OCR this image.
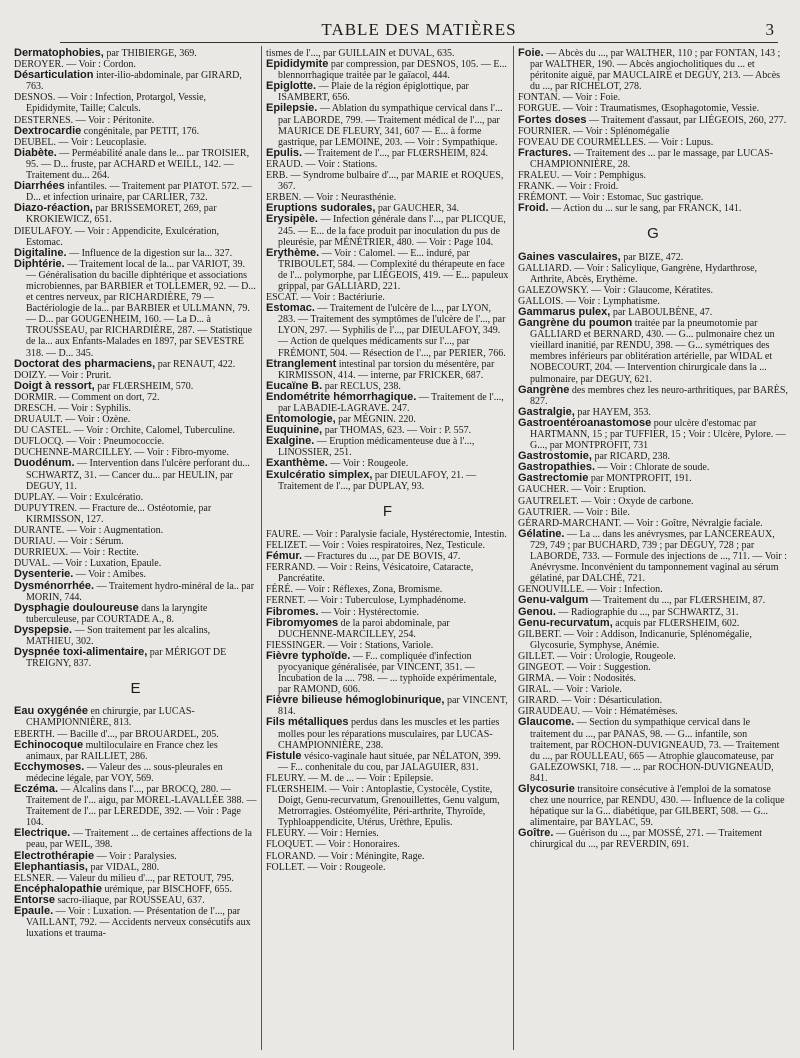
TABLE DES MATIÈRES	3
Dermatophobies, par THIBIERGE, 369.
DEROYER. — Voir : Cordon.
Désarticulation inter-ilio-abdominale, par GIRARD, 763.
DESNOS. — Voir : Infection, Protargol, Vessie, Epididymite, Taille; Calculs.
DESTERNES. — Voir : Péritonite.
Dextrocardie congénitale, par PETIT, 176.
DEUBEL. — Voir : Leucoplasie.
Diabète. — Perméabilité anale dans le... par TROISIER, 95. — D... fruste, par ACHARD et WEILL, 142. — Traitement du... 264.
Diarrhées infantiles. — Traitement par PIATOT. 572. — D... et infection urinaire, par CARLIER, 732.
Diazo-réaction, par BRISSEMORET, 269, par KROKIEWICZ, 651.
DIEULAFOY. — Voir : Appendicite, Exulcération, Estomac.
Digitaline. — Influence de la digestion sur la... 327.
Diphtérie. — Traitement local de la... par VARIOT, 39. — Généralisation du bacille diphtérique et associations microbiennes, par BARBIER et TOLLEMER, 92. — D... et centres nerveux, par RICHARDIÈRE, 79 — Bactériologie de la... par BARBIER et ULLMANN, 79. — D... par GOUGENHEIM, 160. — La D... à TROUSSEAU, par RICHARDIÈRE, 287. — Statistique de la... aux Enfants-Malades en 1897, par SEVESTRE 318. — D... 345.
Doctorat des pharmaciens, par RENAUT, 422.
DOIZY. — Voir : Prurit.
Doigt à ressort, par FLŒRSHEIM, 570.
DORMIR. — Comment on dort, 72.
DRESCH. — Voir : Syphilis.
DRUAULT. — Voir : Ozène.
DU CASTEL. — Voir : Orchite, Calomel, Tuberculine.
DUFLOCQ. — Voir : Pneumococcie.
DUCHENNE-MARCILLEY. — Voir : Fibro-myome.
Duodénum. — Intervention dans l'ulcère perforant du... SCHWARTZ, 31. — Cancer du... par HEULIN, par DEGUY, 11.
DUPLAY. — Voir : Exulcératio.
DUPUYTREN. — Fracture de... Ostéotomie, par KIRMISSON, 127.
DURANTE. — Voir : Augmentation.
DURIAU. — Voir : Sérum.
DURRIEUX. — Voir : Rectite.
DUVAL. — Voir : Luxation, Epaule.
Dysenterie. — Voir : Amibes.
Dysménorrhée. — Traitement hydro-minéral de la.. par MORIN, 744.
Dysphagie douloureuse dans la laryngite tuberculeuse, par COURTADE A., 8.
Dyspepsie. — Son traitement par les alcalins, MATHIEU, 302.
Dyspnée toxi-alimentaire, par MÉRIGOT DE TREIGNY, 837.
E
Eau oxygénée en chirurgie, par LUCAS-CHAMPIONNIÈRE, 813.
EBERTH. — Bacille d'..., par BROUARDEL, 205.
Echinocoque multiloculaire en France chez les animaux, par RAILLIET, 286.
Ecchymoses. — Valeur des ... sous-pleurales en médecine légale, par VOY, 569.
Eczéma. — Alcalins dans l'..., par BROCQ, 280. — Traitement de l'... aigu, par MOREL-LAVALLÉE 388. — Traitement de l'... par LEREDDE, 392. — Voir : Page 104.
Electrique. — Traitement ... de certaines affections de la peau, par WEIL, 398.
Electrothérapie — Voir : Paralysies.
Elephantiasis, par VIDAL, 280.
ELSNER. — Valeur du milieu d'..., par RETOUT, 795.
Encéphalopathie urémique, par BISCHOFF, 655.
Entorse sacro-iliaque, par ROUSSEAU, 637.
Epaule. — Voir : Luxation. — Présentation de l'..., par VAILLANT, 792. — Accidents nerveux consécutifs aux luxations et trauma-
tismes de l'..., par GUILLAIN et DUVAL, 635.
Epididymite par compression, par DESNOS, 105. — E... blennorrhagique traitée par le gaïacol, 444.
Epiglotte. — Plaie de la région épiglottique, par ISAMBERT, 656.
Epilepsie. — Ablation du sympathique cervical dans l'... par LABORDE, 799. — Traitement médical de l'..., par MAURICE DE FLEURY, 341, 607 — E... à forme gastrique, par LEMOINE, 203. — Voir : Sympathique.
Epulis. — Traitement de l'..., par FLŒRSHEIM, 824.
ERAUD. — Voir : Stations.
ERB. — Syndrome bulbaire d'..., par MARIE et ROQUES, 367.
ERBEN. — Voir : Neurasthénie.
Eruptions sudorales, par GAUCHER, 34.
Erysipèle. — Infection générale dans l'..., par PLICQUE, 245. — E... de la face produit par inoculation du pus de pleurésie, par MÉNÉTRIER, 480. — Voir : Page 104.
Erythème. — Voir : Calomel. — E... induré, par TRIBOULET, 584. — Complexité du thérapeute en face de l'... polymorphe, par LIÉGEOIS, 419. — E... papuleux grippal, par GALLIARD, 221.
ESCAT. — Voir : Bactériurie.
Estomac. — Traitement de l'ulcère de l..., par LYON, 283. — Traitement des symptômes de l'ulcère de l'..., par LYON, 297. — Syphilis de l'..., par DIEULAFOY, 349. — Action de quelques médicaments sur l'..., par FRÉMONT, 504. — Résection de l'..., par PERIER, 766.
Etranglement intestinal par torsion du mésentère, par KIRMISSON, 414. — interne, par FRICKER, 687.
Eucaïne B. par RECLUS, 238.
Endométrite hémorrhagique. — Traitement de l'..., par LABADIE-LAGRAVE. 247.
Entomologie, par MÉGNIN. 220.
Euquinine, par THOMAS, 623. — Voir : P. 557.
Exalgine. — Eruption médicamenteuse due à l'..., LINOSSIER, 251.
Exanthème. — Voir : Rougeole.
Exulcératio simplex, par DIEULAFOY, 21. — Traitement de l'..., par DUPLAY, 93.
F
FAURE. — Voir : Paralysie faciale, Hystérectomie, Intestin.
FELIZET. — Voir : Voies respiratoires, Nez, Testicule.
Fémur. — Fractures du ..., par DE BOVIS, 47.
FERRAND. — Voir : Reins, Vésicatoire, Cataracte, Pancréatite.
FÉRÉ. — Voir : Réflexes, Zona, Bromisme.
FERNET. — Voir : Tuberculose, Lymphadénome.
Fibromes. — Voir : Hystérectomie.
Fibromyomes de la paroi abdominale, par DUCHENNE-MARCILLEY, 254.
FIESSINGER. — Voir : Stations, Variole.
Fièvre typhoïde. — F... compliquée d'infection pyocyanique généralisée, par VINCENT, 351. — Incubation de la .... 798. — ... typhoïde expérimentale, par RAMOND, 606.
Fièvre bilieuse hémoglobinurique, par VINCENT, 814.
Fils métalliques perdus dans les muscles et les parties molles pour les réparations musculaires, par LUCAS-CHAMPIONNIÈRE, 238.
Fistule vésico-vaginale haut située, par NÉLATON, 399. — F... conhenitale du cou, par JALAGUIER, 831.
FLEURY. — M. de ... — Voir : Epilepsie.
FLŒRSHEIM. — Voir : Antoplastie, Cystocèle, Cystite, Doigt, Genu-recurvatum, Grenouillettes, Genu valgum, Metrorragies. Ostéomyélite, Péri-arthrite, Thyroïde, Typhloappendicite, Utérus, Urèthre, Epulis.
FLEURY. — Voir : Hernies.
FLOQUET. — Voir : Honoraires.
FLORAND. — Voir : Méningite, Rage.
FOLLET. — Voir : Rougeole.
Foie. — Abcès du ..., par WALTHER, 110 ; par FONTAN, 143 ; par WALTHER, 190. — Abcès angiocholitiques du ... et péritonite aiguë, par MAUCLAIRE et DEGUY, 213. — Abcès du ..., par RICHELOT, 278.
FONTAN. — Voir : Foie.
FORGUE. — Voir : Traumatismes, Œsophagotomie, Vessie.
Fortes doses — Traitement d'assaut, par LIÉGEOIS, 260, 277.
FOURNIER. — Voir : Splénomégalie
FOVEAU DE COURMELLES. — Voir : Lupus.
Fractures. — Traitement des ... par le massage, par LUCAS-CHAMPIONNIÈRE, 28.
FRALEU. — Voir : Pemphigus.
FRANK. — Voir : Froid.
FRÉMONT. — Voir : Estomac, Suc gastrique.
Froid. — Action du ... sur le sang, par FRANCK, 141.
G
Gaines vasculaires, par BIZE, 472.
GALLIARD. — Voir : Salicylique, Gangrène, Hydarthrose, Arthrite, Abcès, Erythème.
GALEZOWSKY. — Voir : Glaucome, Kératites.
GALLOIS. — Voir : Lymphatisme.
Gammarus pulex, par LABOULBÈNE, 47.
Gangrène du poumon traitée par la pneumotomie par GALLIARD et BERNARD, 430. — G... pulmonaire chez un vieillard inanitié, par RENDU, 398. — G... symétriques des membres inférieurs par oblitération artérielle, par WIDAL et NOBECOURT, 204. — Intervention chirurgicale dans la ... pulmonaire, par DEGUY, 621.
Gangrène des membres chez les neuro-arthritiques, par BARÈS, 827.
Gastralgie, par HAYEM, 353.
Gastroentéroanastomose pour ulcère d'estomac par HARTMANN, 15 ; par TUFFIER, 15 ; Voir : Ulcère, Pylore. — G..., par MONTPROFIT, 731
Gastrostomie, par RICARD, 238.
Gastropathies. — Voir : Chlorate de soude.
Gastrectomie par MONTPROFIT, 191.
GAUCHER. — Voir : Eruption.
GAUTRELET. — Voir : Oxyde de carbone.
GAUTRIER. — Voir : Bile.
GÉRARD-MARCHANT. — Voir : Goître, Névralgie faciale.
Gélatine. — La ... dans les anévrysmes, par LANCEREAUX, 729, 749 ; par BUCHARD, 739 ; par DEGUY, 728 ; par LABORDE, 733. — Formule des injections de ..., 711. — Voir : Anévrysme. Inconvénient du tamponnement vaginal au sérum gélatiné, par DALCHÉ, 721.
GENOUVILLE. — Voir : Infection.
Genu-valgum — Traitement du ..., par FLŒRSHEIM, 87.
Genou. — Radiographie du ..., par SCHWARTZ, 31.
Genu-recurvatum, acquis par FLŒRSHEIM, 602.
GILBERT. — Voir : Addison, Indicanurie, Splénomégalie, Glycosurie, Symphyse, Anémie.
GILLET. — Voir : Urologie, Rougeole.
GINGEOT. — Voir : Suggestion.
GIRMA. — Voir : Nodosités.
GIRAL. — Voir : Variole.
GIRARD. — Voir : Désarticulation.
GIRAUDEAU. — Voir : Hématémèses.
Glaucome. — Section du sympathique cervical dans le traitement du ..., par PANAS, 98. — G... infantile, son traitement, par ROCHON-DUVIGNEAUD, 73. — Traitement du ..., par ROULLEAU, 665 — Atrophie glaucomateuse, par GALEZOWSKI, 718. — ... par ROCHON-DUVIGNEAUD, 841.
Glycosurie transitoire consécutive à l'emploi de la somatose chez une nourrice, par RENDU, 430. — Influence de la colique hépatique sur la G... diabétique, par GILBERT, 508. — G... alimentaire, par BAYLAC, 59.
Goître. — Guérison du ..., par MOSSÉ, 271. — Traitement chirurgical du ..., par REVERDIN, 691.
